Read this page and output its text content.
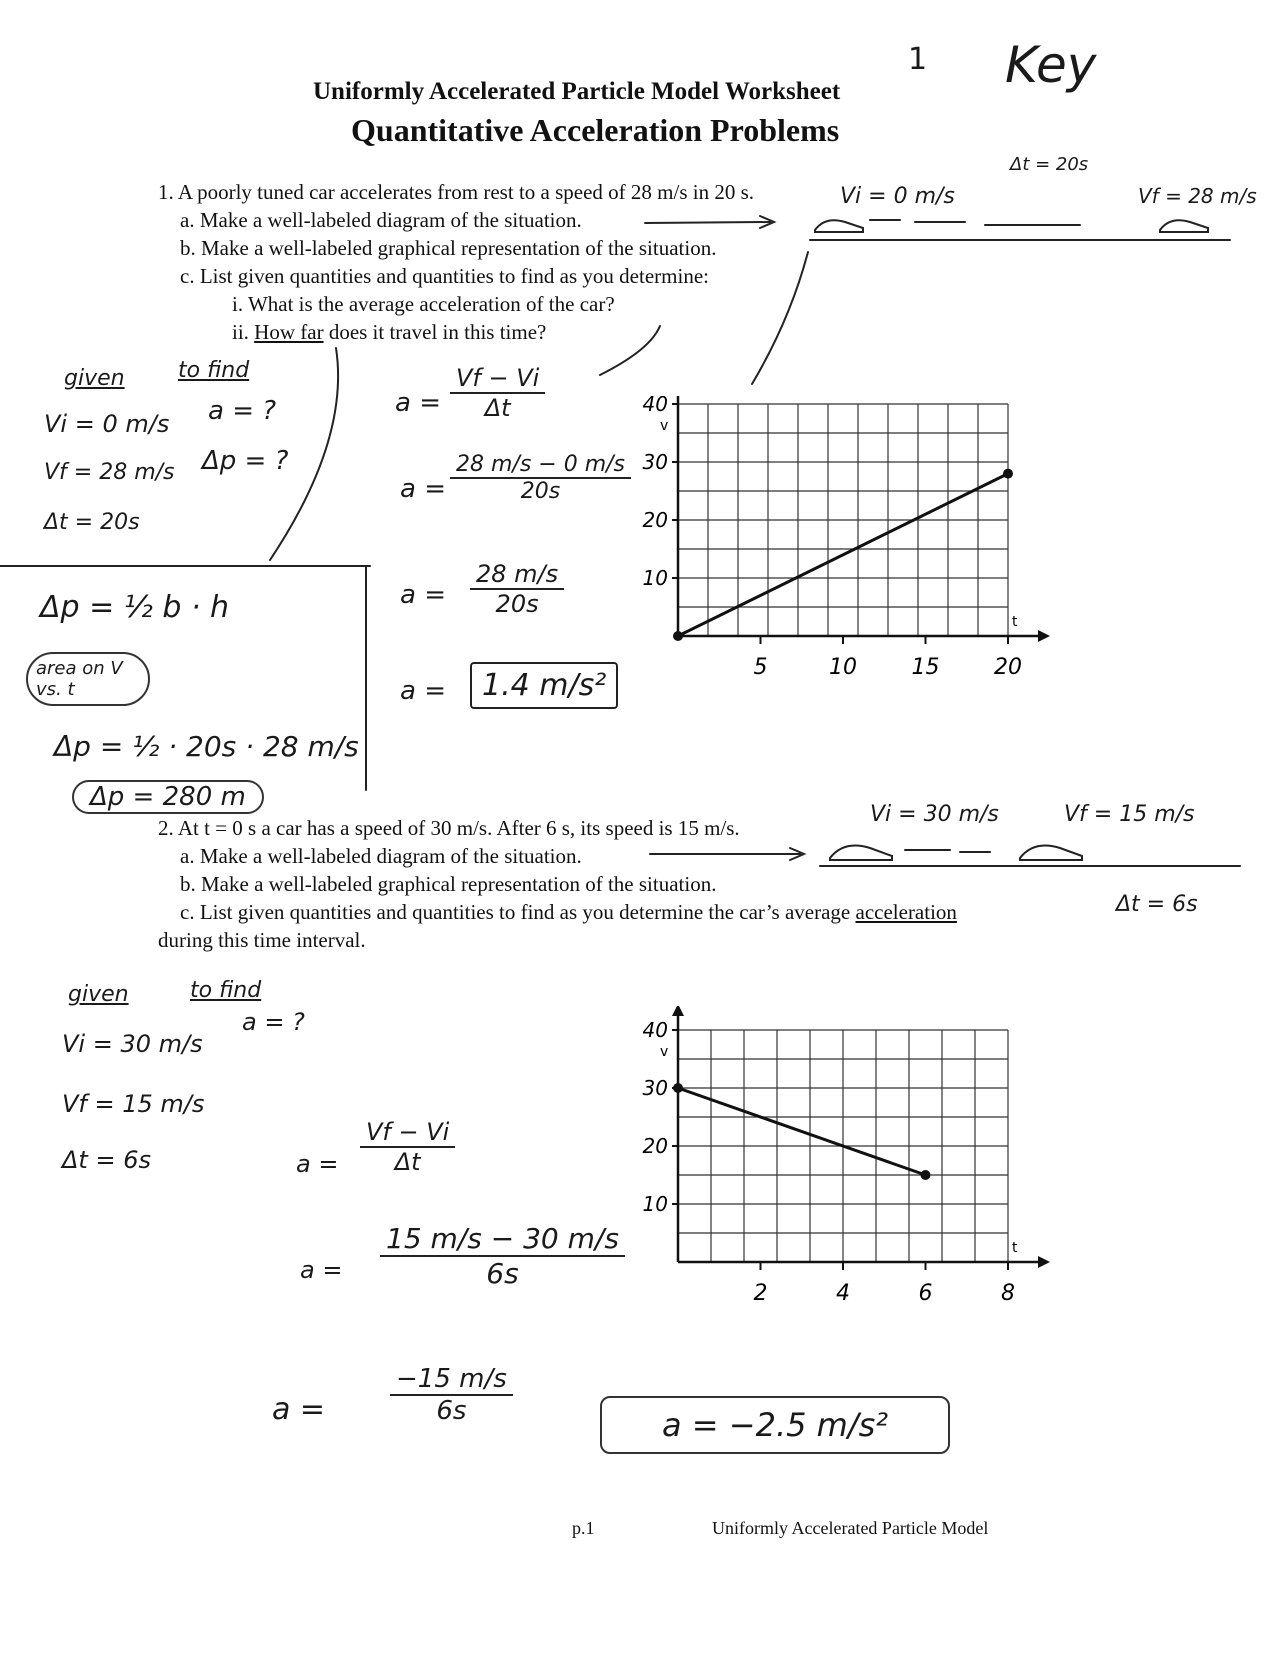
1 Key
Uniformly Accelerated Particle Model Worksheet
Quantitative Acceleration Problems
1. A poorly tuned car accelerates from rest to a speed of 28 m/s in 20 s.
a. Make a well-labeled diagram of the situation.
b. Make a well-labeled graphical representation of the situation.
c. List given quantities and quantities to find as you determine:
i. What is the average acceleration of the car?
ii. How far does it travel in this time?
Vi = 0 m/s
Δt = 20s
Vf = 28 m/s
given
Vi = 0 m/s
Vf = 28 m/s
Δt = 20s
to find
a = ?
Δp = ?
$a = \frac{Vf - Vi}{\Delta t}$
$a = \frac{28 m/s - 0 m/s}{20s}$
$a = \frac{28 m/s}{20s}$
a =	1.4 m/s²
Δp = ½ b · h
area on V vs. t
Δp = ½ · 20s · 28 m/s
Δp = 280 m
v
t
10
20
30
40
5	10 15 20
2. At t = 0 s a car has a speed of 30 m/s. After 6 s, its speed is 15 m/s.
a. Make a well-labeled diagram of the situation.
b. Make a well-labeled graphical representation of the situation.
c. List given quantities and quantities to find as you determine the car’s average acceleration
during this time interval.
Vi = 30 m/s	Vf = 15 m/s
Δt = 6s
given
Vi = 30 m/s
Vf = 15 m/s
Δt = 6s
to find
a = ?
$a = \frac{Vf - Vi}{\Delta t}$
$a = \frac{15 m/s - 30 m/s}{6s}$
$a = \frac{-15 m/s}{6s}$	a = −2.5 m/s²
v
t
10
20
30
40
2	4	6	8
p.1	Uniformly Accelerated Particle Model
